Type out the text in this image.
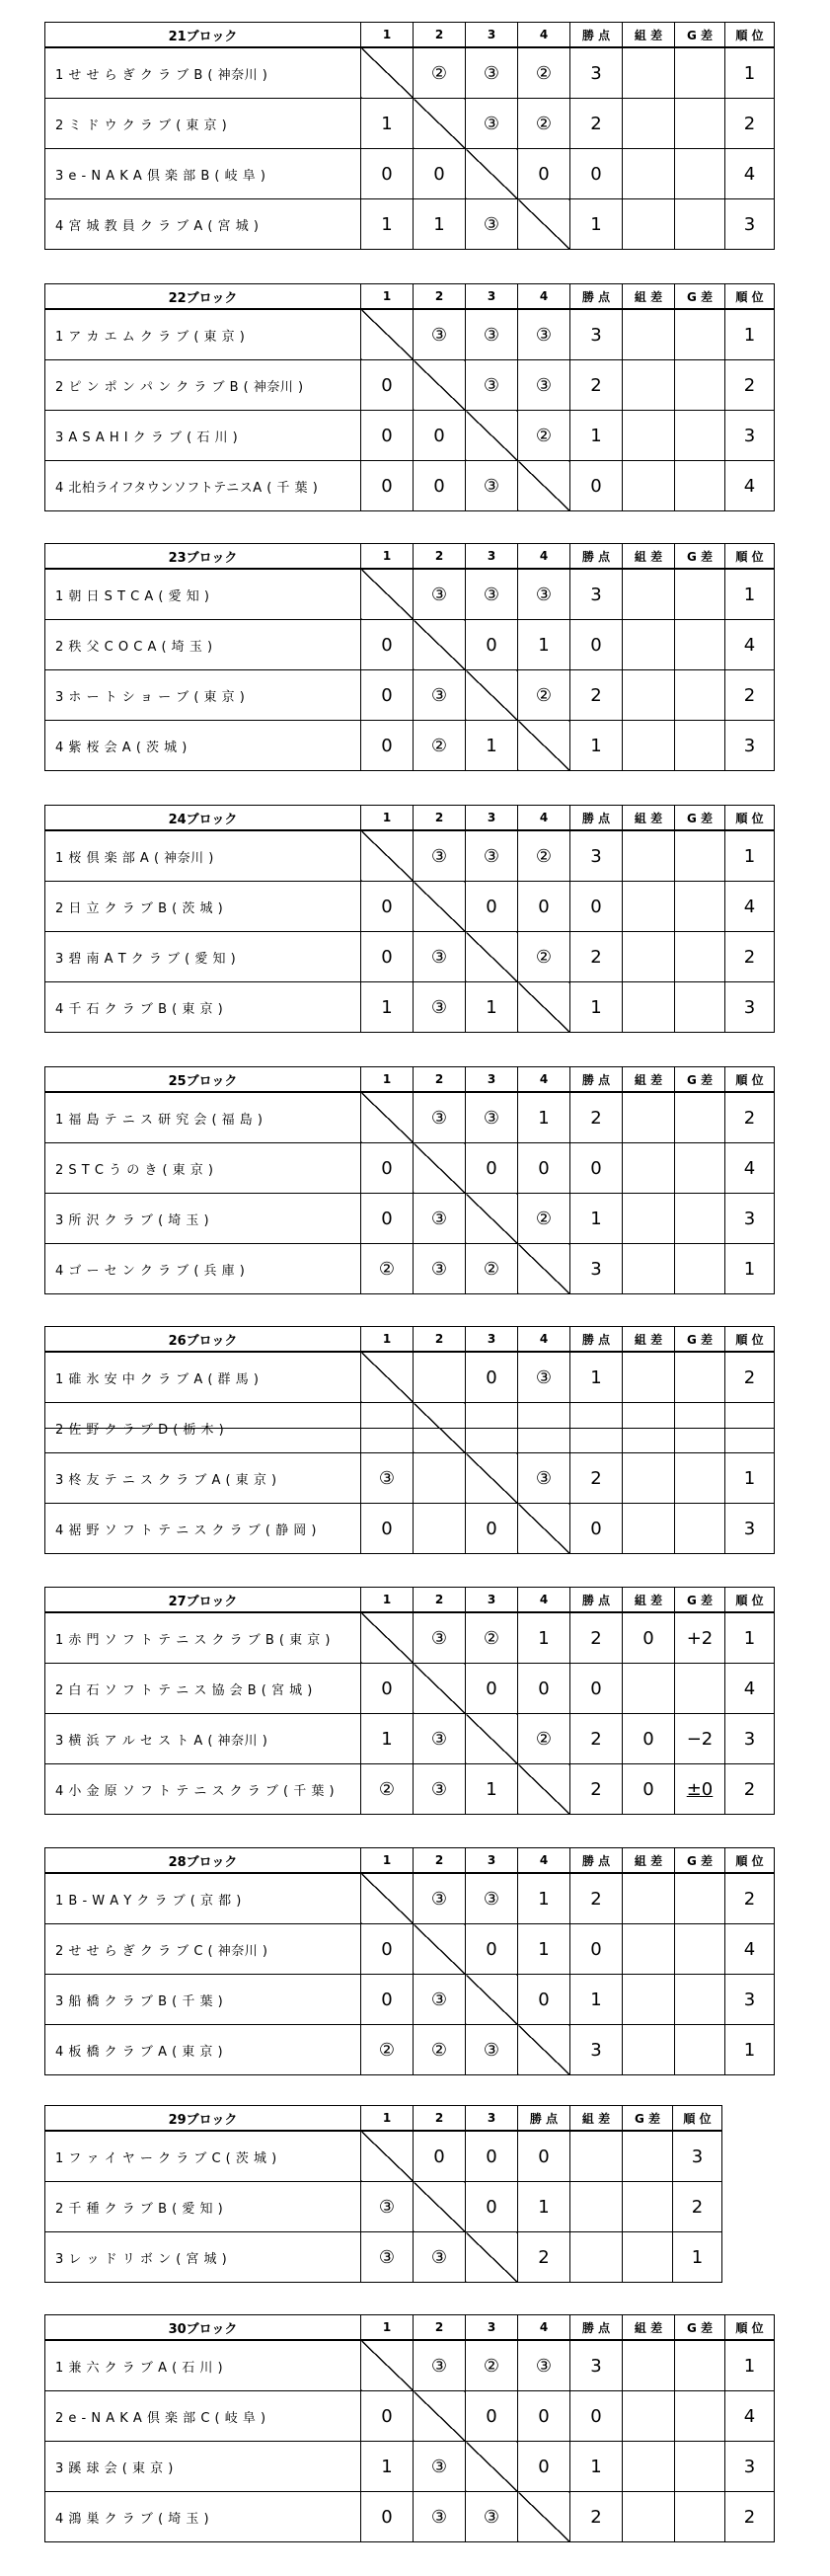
21ブロック	1	2	3	4	勝 点	組 差	G 差	順 位
1 せ せ ら ぎ ク ラ ブ B ( 神奈川 )		②	③	②	3			1
2 ミ ド ウ ク ラ ブ ( 東 京 )	1		③	②	2			2
3 e - N A K A 倶 楽 部 B ( 岐 阜 )	0	0		0	0			4
4 宮 城 教 員 ク ラ ブ A ( 宮 城 )	1	1	③		1			3
22ブロック	1	2	3	4	勝 点	組 差	G 差	順 位
1 ア カ エ ム ク ラ ブ ( 東 京 )		③	③	③	3			1
2 ピ ン ポ ン パ ン ク ラ ブ B ( 神奈川 )	0		③	③	2			2
3 A S A H I ク ラ ブ ( 石 川 )	0	0		②	1			3
4 北柏ライフタウンソフトテニスA ( 千 葉 )	0	0	③		0			4
23ブロック	1	2	3	4	勝 点	組 差	G 差	順 位
1 朝 日 S T C A ( 愛 知 )		③	③	③	3			1
2 秩 父 C O C A ( 埼 玉 )	0		0	1	0			4
3 ホ ー ト シ ョ ー ブ ( 東 京 )	0	③		②	2			2
4 紫 桜 会 A ( 茨 城 )	0	②	1		1			3
24ブロック	1	2	3	4	勝 点	組 差	G 差	順 位
1 桜 倶 楽 部 A ( 神奈川 )		③	③	②	3			1
2 日 立 ク ラ ブ B ( 茨 城 )	0		0	0	0			4
3 碧 南 A T ク ラ ブ ( 愛 知 )	0	③		②	2			2
4 千 石 ク ラ ブ B ( 東 京 )	1	③	1		1			3
25ブロック	1	2	3	4	勝 点	組 差	G 差	順 位
1 福 島 テ ニ ス 研 究 会 ( 福 島 )		③	③	1	2			2
2 S T C う の き ( 東 京 )	0		0	0	0			4
3 所 沢 ク ラ ブ ( 埼 玉 )	0	③		②	1			3
4 ゴ ー セ ン ク ラ ブ ( 兵 庫 )	②	③	②		3			1
26ブロック	1	2	3	4	勝 点	組 差	G 差	順 位
1 碓 氷 安 中 ク ラ ブ A ( 群 馬 )			0	③	1			2
2 佐 野 ク ラ ブ D ( 栃 木 )

3 柊 友 テ ニ ス ク ラ ブ A ( 東 京 )	③			③	2			1
4 裾 野 ソ フ ト テ ニ ス ク ラ ブ ( 静 岡 )	0		0		0			3
27ブロック	1	2	3	4	勝 点	組 差	G 差	順 位
1 赤 門 ソ フ ト テ ニ ス ク ラ ブ B ( 東 京 )		③	②	1	2	0	+2	1
2 白 石 ソ フ ト テ ニ ス 協 会 B ( 宮 城 )	0		0	0	0			4
3 横 浜 ア ル セ ス ト A ( 神奈川 )	1	③		②	2	0	−2	3
4 小 金 原 ソ フ ト テ ニ ス ク ラ ブ ( 千 葉 )	②	③	1		2	0	±0	2
28ブロック	1	2	3	4	勝 点	組 差	G 差	順 位
1 B - W A Y ク ラ ブ ( 京 都 )		③	③	1	2			2
2 せ せ ら ぎ ク ラ ブ C ( 神奈川 )	0		0	1	0			4
3 船 橋 ク ラ ブ B ( 千 葉 )	0	③		0	1			3
4 板 橋 ク ラ ブ A ( 東 京 )	②	②	③		3			1
29ブロック	1	2	3	勝 点	組 差	G 差	順 位
1 フ ァ イ ヤ ー ク ラ ブ C ( 茨 城 )		0	0	0			3
2 千 種 ク ラ ブ B ( 愛 知 )	③		0	1			2
3 レ ッ ド リ ボ ン ( 宮 城 )	③	③		2			1
30ブロック	1	2	3	4	勝 点	組 差	G 差	順 位
1 兼 六 ク ラ ブ A ( 石 川 )		③	②	③	3			1
2 e - N A K A 倶 楽 部 C ( 岐 阜 )	0		0	0	0			4
3 蹊 球 会 ( 東 京 )	1	③		0	1			3
4 鴻 巣 ク ラ ブ ( 埼 玉 )	0	③	③		2			2
